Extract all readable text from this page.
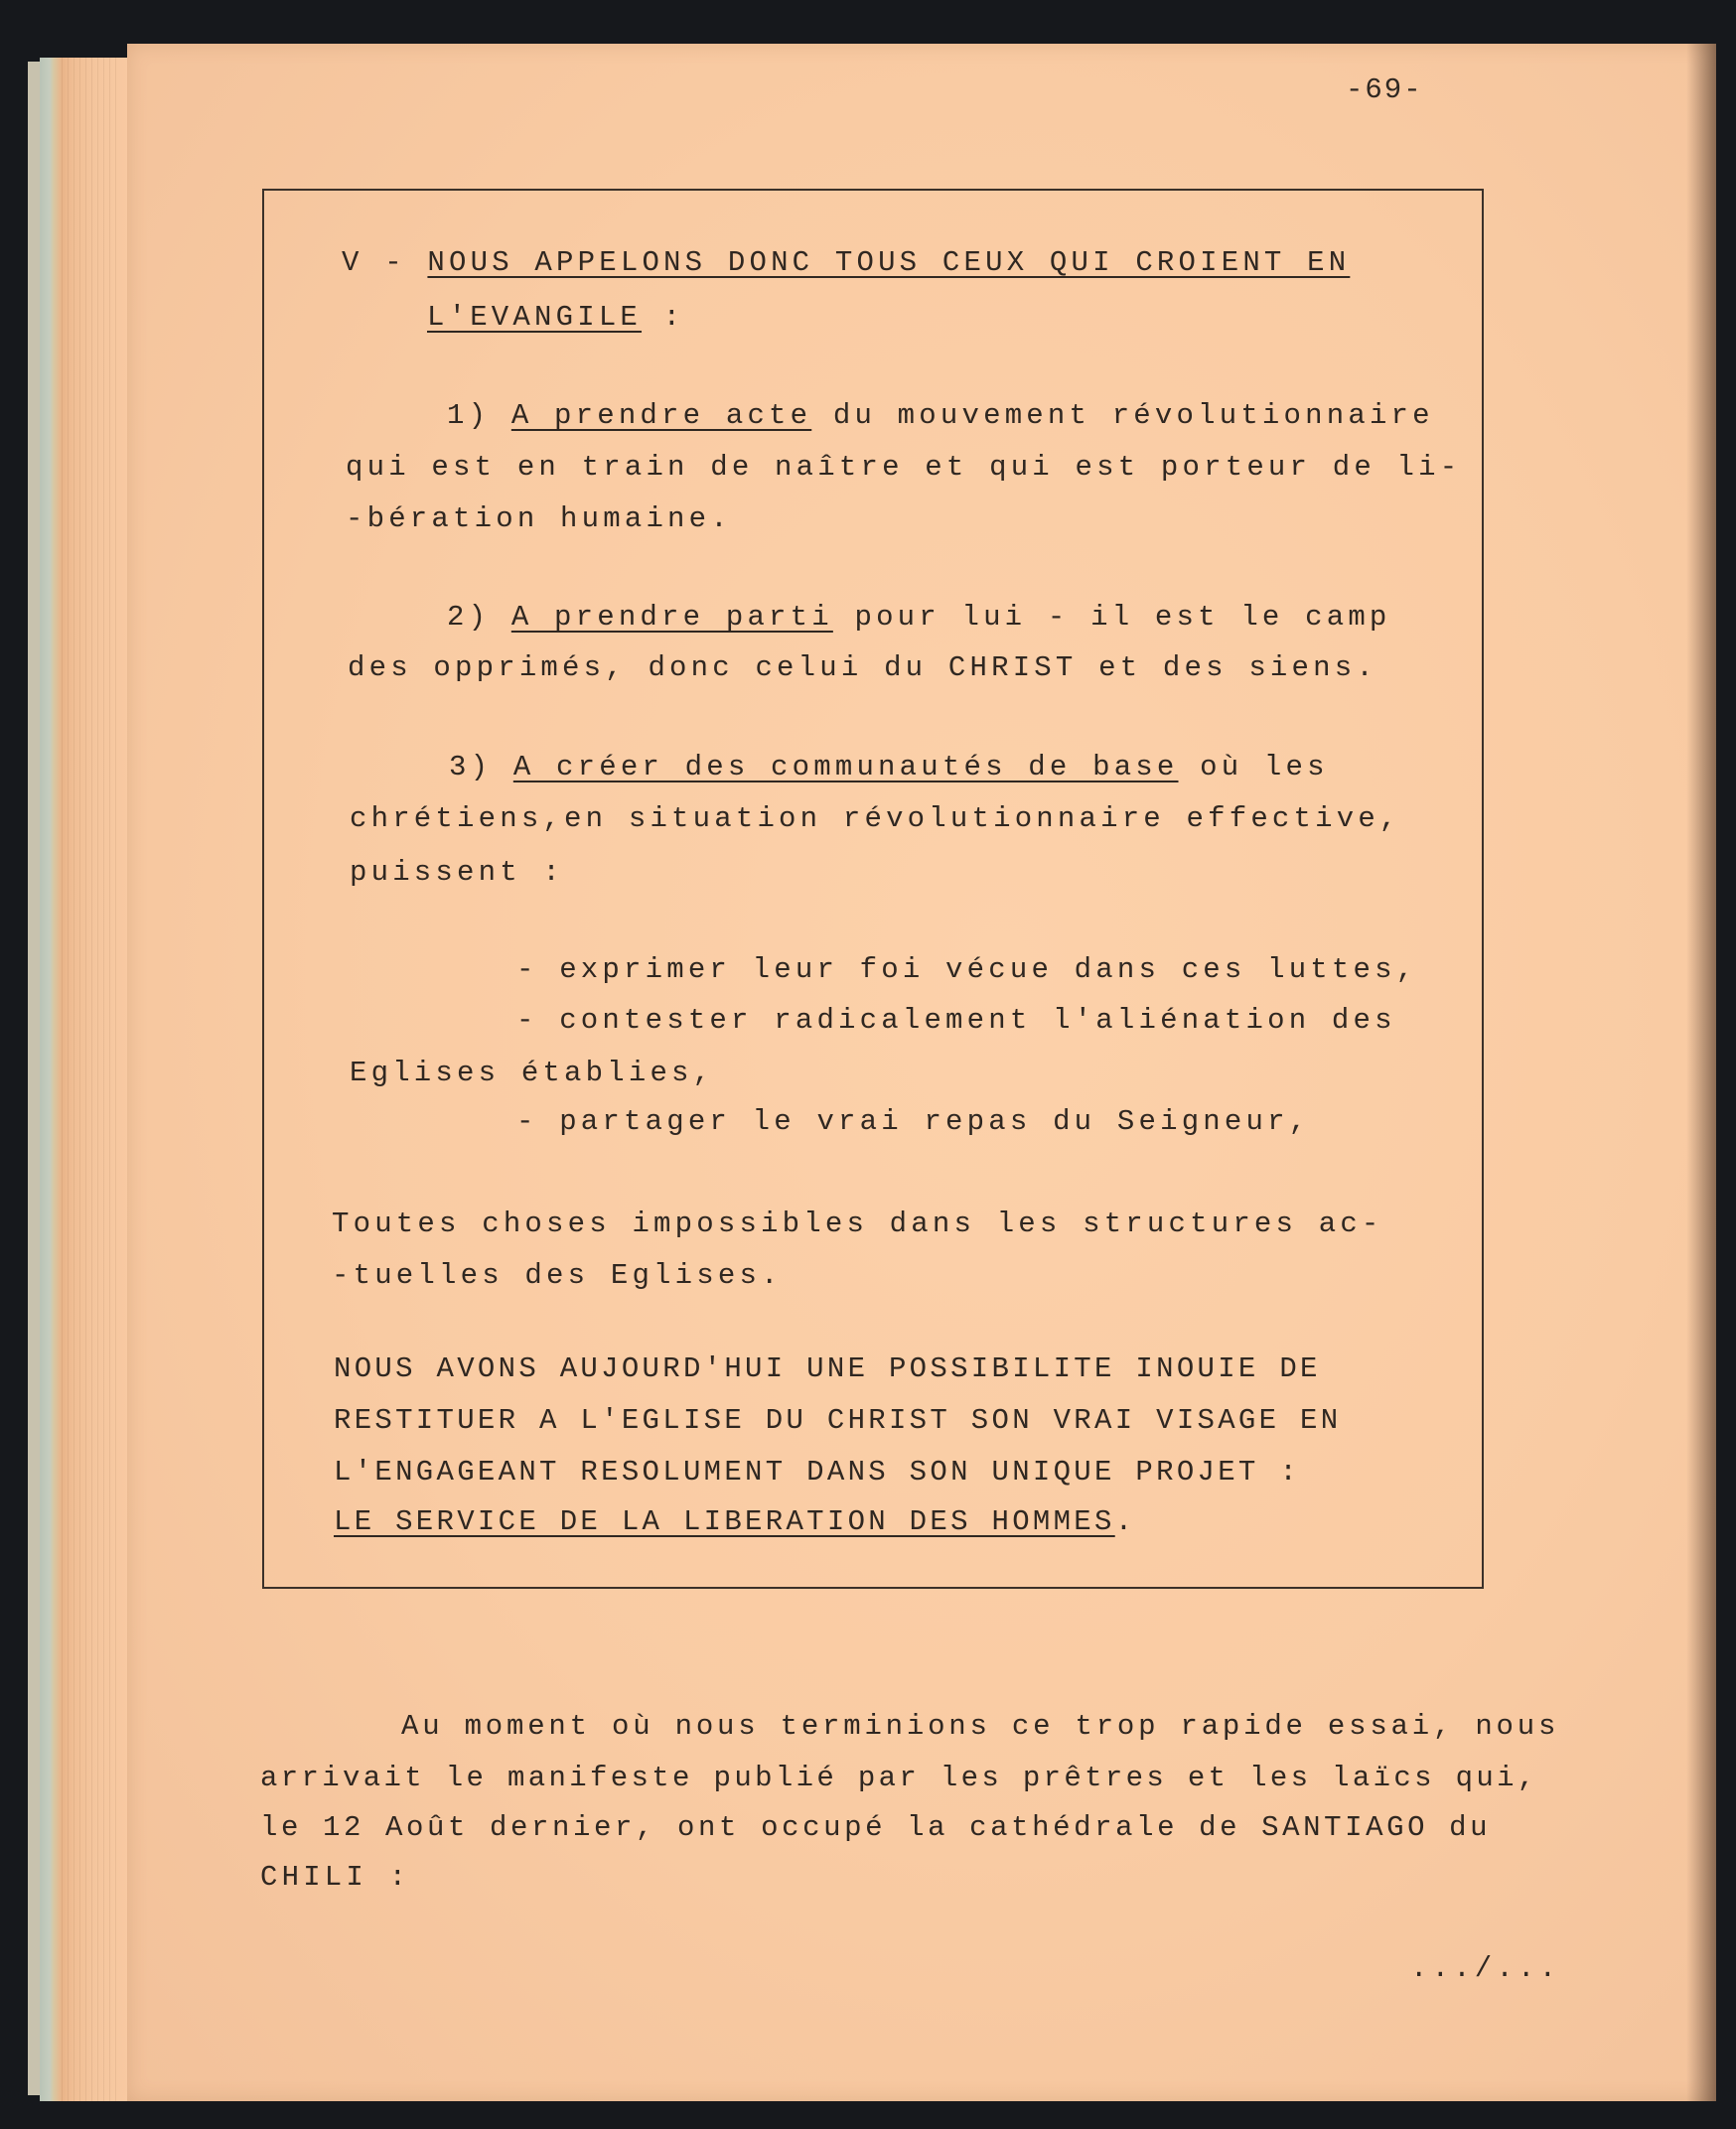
-69-
V - NOUS APPELONS DONC TOUS CEUX QUI CROIENT EN
L'EVANGILE :
1) A prendre acte du mouvement révolutionnaire
qui est en train de naître et qui est porteur de li-
-bération humaine.
2) A prendre parti pour lui - il est le camp
des opprimés, donc celui du CHRIST et des siens.
3) A créer des communautés de base où les
chrétiens,en situation révolutionnaire effective,
puissent :
- exprimer leur foi vécue dans ces luttes,
- contester radicalement l'aliénation des
Eglises établies,
- partager le vrai repas du Seigneur,
Toutes choses impossibles dans les structures ac-
-tuelles des Eglises.
NOUS AVONS AUJOURD'HUI UNE POSSIBILITE INOUIE DE
RESTITUER A L'EGLISE DU CHRIST SON VRAI VISAGE EN
L'ENGAGEANT RESOLUMENT DANS SON UNIQUE PROJET :
LE SERVICE DE LA LIBERATION DES HOMMES.
Au moment où nous terminions ce trop rapide essai, nous
arrivait le manifeste publié par les prêtres et les laïcs qui,
le 12 Août dernier, ont occupé la cathédrale de SANTIAGO du
CHILI :
.../...
